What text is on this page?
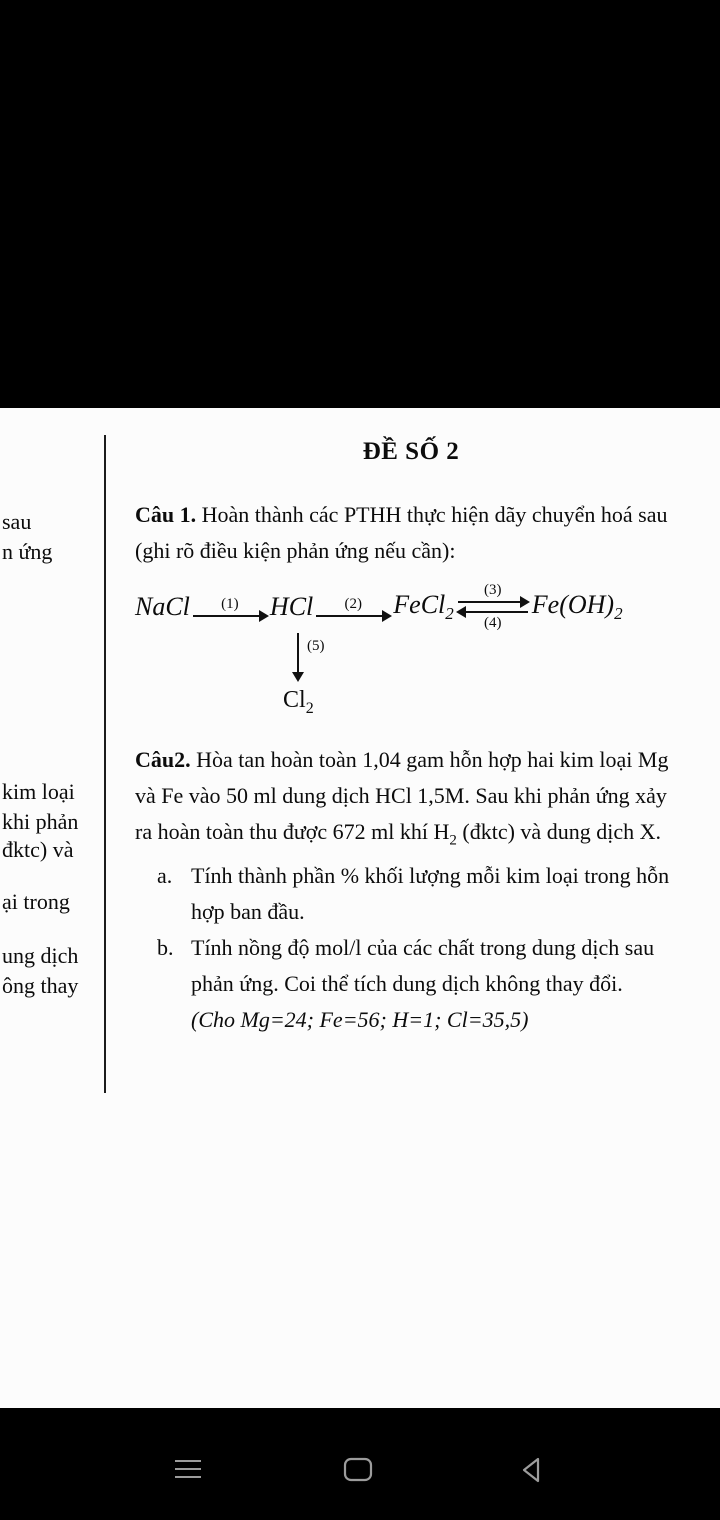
sau
n ứng
kim loại
khi phản
đktc) và
ại trong
ung dịch
ông thay
ĐỀ SỐ 2

Câu 1. Hoàn thành các PTHH thực hiện dãy chuyển hoá sau (ghi rõ điều kiện phản ứng nếu cần):

NaCl (1) HCl (2) FeCl$_2$
(3)
(4)
$Fe(OH)_2$
(5)
$Cl_2$

Câu2. Hòa tan hoàn toàn 1,04 gam hỗn hợp hai kim loại Mg và Fe vào 50 ml dung dịch HCl 1,5M. Sau khi phản ứng xảy ra hoàn toàn thu được 672 ml khí $H_2$ (đktc) và dung dịch X.

a. Tính thành phần % khối lượng mỗi kim loại trong hỗn hợp ban đầu.
b. Tính nồng độ mol/l của các chất trong dung dịch sau phản ứng. Coi thể tích dung dịch không thay đổi.

(Cho Mg=24; Fe=56; H=1; Cl=35,5)
